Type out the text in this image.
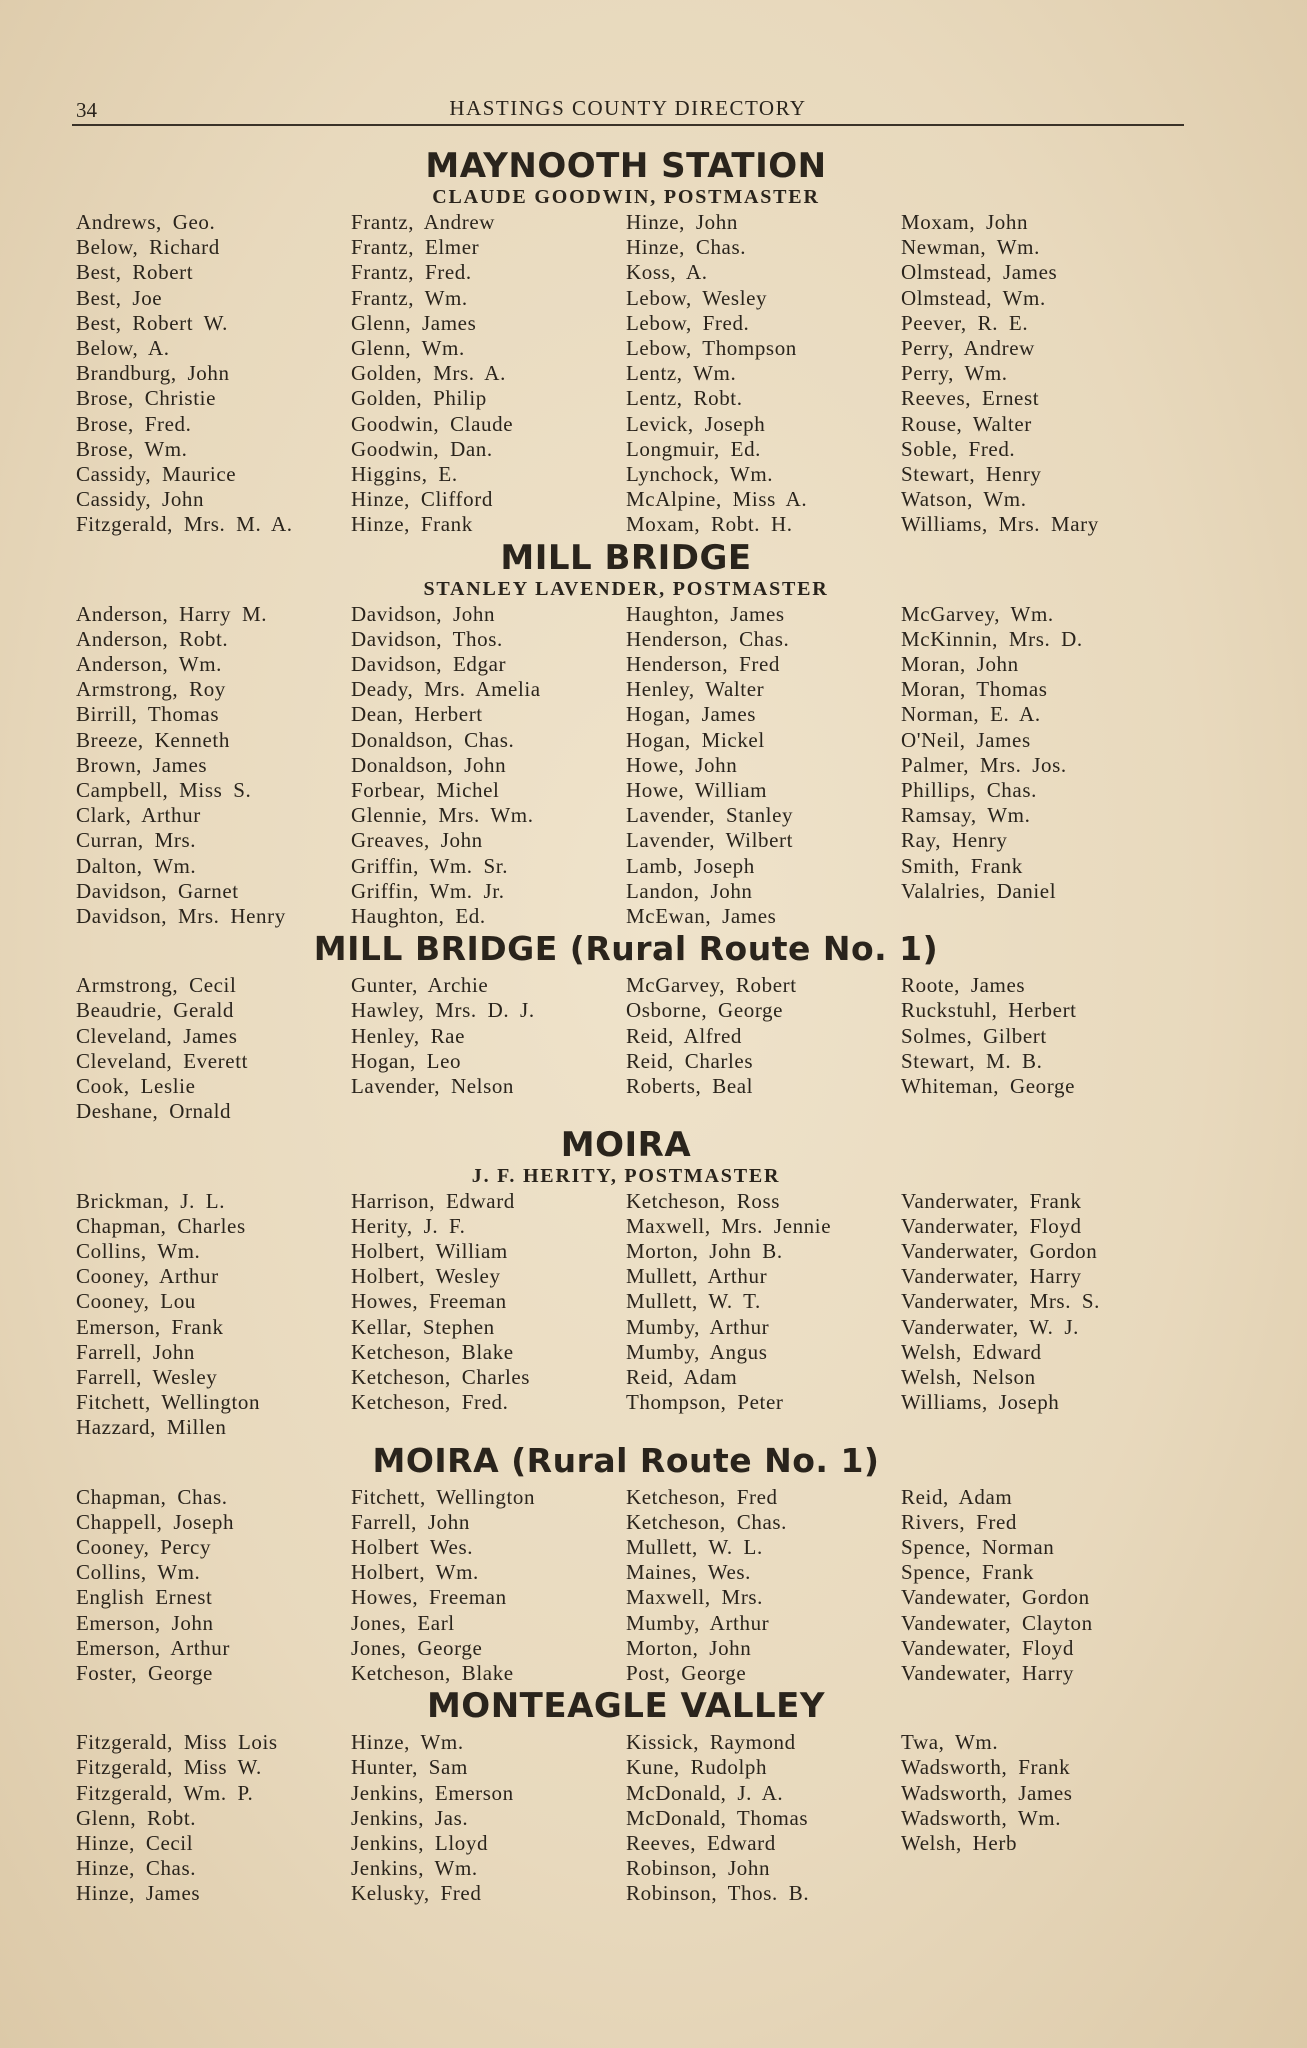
34	HASTINGS COUNTY DIRECTORY
MAYNOOTH STATION
CLAUDE GOODWIN, POSTMASTER
Andrews, Geo.
Below, Richard
Best, Robert
Best, Joe
Best, Robert W.
Below, A.
Brandburg, John
Brose, Christie
Brose, Fred.
Brose, Wm.
Cassidy, Maurice
Cassidy, John
Fitzgerald, Mrs. M. A.
Frantz, Andrew
Frantz, Elmer
Frantz, Fred.
Frantz, Wm.
Glenn, James
Glenn, Wm.
Golden, Mrs. A.
Golden, Philip
Goodwin, Claude
Goodwin, Dan.
Higgins, E.
Hinze, Clifford
Hinze, Frank
Hinze, John
Hinze, Chas.
Koss, A.
Lebow, Wesley
Lebow, Fred.
Lebow, Thompson
Lentz, Wm.
Lentz, Robt.
Levick, Joseph
Longmuir, Ed.
Lynchock, Wm.
McAlpine, Miss A.
Moxam, Robt. H.
Moxam, John
Newman, Wm.
Olmstead, James
Olmstead, Wm.
Peever, R. E.
Perry, Andrew
Perry, Wm.
Reeves, Ernest
Rouse, Walter
Soble, Fred.
Stewart, Henry
Watson, Wm.
Williams, Mrs. Mary
MILL BRIDGE
STANLEY LAVENDER, POSTMASTER
Anderson, Harry M.
Anderson, Robt.
Anderson, Wm.
Armstrong, Roy
Birrill, Thomas
Breeze, Kenneth
Brown, James
Campbell, Miss S.
Clark, Arthur
Curran, Mrs.
Dalton, Wm.
Davidson, Garnet
Davidson, Mrs. Henry
Davidson, John
Davidson, Thos.
Davidson, Edgar
Deady, Mrs. Amelia
Dean, Herbert
Donaldson, Chas.
Donaldson, John
Forbear, Michel
Glennie, Mrs. Wm.
Greaves, John
Griffin, Wm. Sr.
Griffin, Wm. Jr.
Haughton, Ed.
Haughton, James
Henderson, Chas.
Henderson, Fred
Henley, Walter
Hogan, James
Hogan, Mickel
Howe, John
Howe, William
Lavender, Stanley
Lavender, Wilbert
Lamb, Joseph
Landon, John
McEwan, James
McGarvey, Wm.
McKinnin, Mrs. D.
Moran, John
Moran, Thomas
Norman, E. A.
O'Neil, James
Palmer, Mrs. Jos.
Phillips, Chas.
Ramsay, Wm.
Ray, Henry
Smith, Frank
Valalries, Daniel
MILL BRIDGE (Rural Route No. 1)
Armstrong, Cecil
Beaudrie, Gerald
Cleveland, James
Cleveland, Everett
Cook, Leslie
Deshane, Ornald
Gunter, Archie
Hawley, Mrs. D. J.
Henley, Rae
Hogan, Leo
Lavender, Nelson
McGarvey, Robert
Osborne, George
Reid, Alfred
Reid, Charles
Roberts, Beal
Roote, James
Ruckstuhl, Herbert
Solmes, Gilbert
Stewart, M. B.
Whiteman, George
MOIRA
J. F. HERITY, POSTMASTER
Brickman, J. L.
Chapman, Charles
Collins, Wm.
Cooney, Arthur
Cooney, Lou
Emerson, Frank
Farrell, John
Farrell, Wesley
Fitchett, Wellington
Hazzard, Millen
Harrison, Edward
Herity, J. F.
Holbert, William
Holbert, Wesley
Howes, Freeman
Kellar, Stephen
Ketcheson, Blake
Ketcheson, Charles
Ketcheson, Fred.
Ketcheson, Ross
Maxwell, Mrs. Jennie
Morton, John B.
Mullett, Arthur
Mullett, W. T.
Mumby, Arthur
Mumby, Angus
Reid, Adam
Thompson, Peter
Vanderwater, Frank
Vanderwater, Floyd
Vanderwater, Gordon
Vanderwater, Harry
Vanderwater, Mrs. S.
Vanderwater, W. J.
Welsh, Edward
Welsh, Nelson
Williams, Joseph
MOIRA (Rural Route No. 1)
Chapman, Chas.
Chappell, Joseph
Cooney, Percy
Collins, Wm.
English Ernest
Emerson, John
Emerson, Arthur
Foster, George
Fitchett, Wellington
Farrell, John
Holbert Wes.
Holbert, Wm.
Howes, Freeman
Jones, Earl
Jones, George
Ketcheson, Blake
Ketcheson, Fred
Ketcheson, Chas.
Mullett, W. L.
Maines, Wes.
Maxwell, Mrs.
Mumby, Arthur
Morton, John
Post, George
Reid, Adam
Rivers, Fred
Spence, Norman
Spence, Frank
Vandewater, Gordon
Vandewater, Clayton
Vandewater, Floyd
Vandewater, Harry
MONTEAGLE VALLEY
Fitzgerald, Miss Lois
Fitzgerald, Miss W.
Fitzgerald, Wm. P.
Glenn, Robt.
Hinze, Cecil
Hinze, Chas.
Hinze, James
Hinze, Wm.
Hunter, Sam
Jenkins, Emerson
Jenkins, Jas.
Jenkins, Lloyd
Jenkins, Wm.
Kelusky, Fred
Kissick, Raymond
Kune, Rudolph
McDonald, J. A.
McDonald, Thomas
Reeves, Edward
Robinson, John
Robinson, Thos. B.
Twa, Wm.
Wadsworth, Frank
Wadsworth, James
Wadsworth, Wm.
Welsh, Herb
